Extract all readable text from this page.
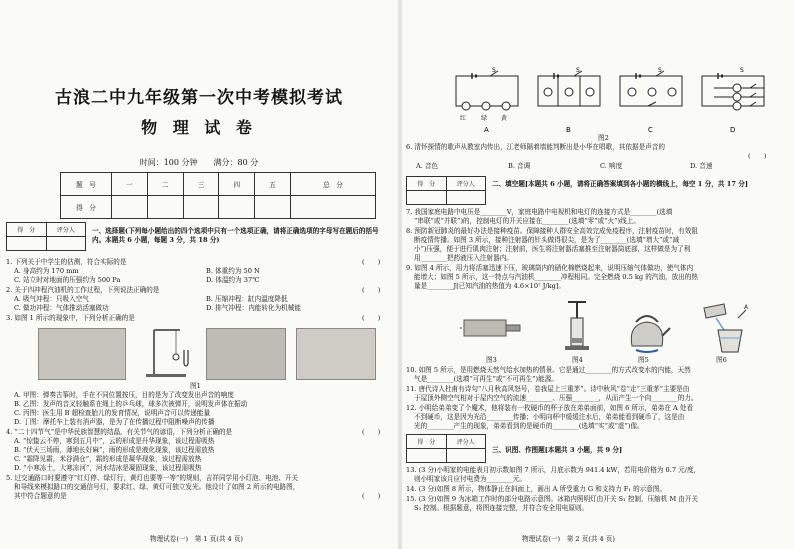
古浪二中九年级第一次中考模拟考试
物 理 试 卷
时间：100 分钟　　满分：80 分
题　号	一	二	三	四	五	总　分
得　分						
得　分	评分人
		一、选择题(下列每小题给出的四个选项中只有一个选项正确，请将正确选项的字母写在题后的括号内。本题共 6 小题，每题 3 分，共 18 分)
1. 下列关于中学生的估测，符合实际的是	(　　)
A. 身高约为 170 mm	B. 体重约为 50 N
C. 站立时对地面的压强约为 500 Pa	D. 体温约为 37℃
2. 关于四冲程汽油机的工作过程，下列说法正确的是	(　　)
A. 吸气冲程：只吸入空气	B. 压缩冲程：缸内温度降低
C. 做功冲程：气体推动活塞做功	D. 排气冲程：内能转化为机械能
3. 如图 1 所示的现象中，下列分析正确的是	(　　)
图1
A. 甲图：弹奏古筝时，手在不同位置按压，目的是为了改变发出声音的响度
B. 乙图：发声的音叉轻触系在绳上的乒乓球，球多次被弹开，说明发声体在振动
C. 丙图：医生用 B 超检查胎儿的发育情况，说明声音可以传递能量
D. 丁图：摩托车上装有消声器，是为了在传播过程中阻断噪声的传播
4. “二十四节气”是中华民族智慧的结晶，有关节气的谚语，下列分析正确的是	(　　)
A. “惊蛰云不停，寒到五月中”，云的形成是升华现象，该过程需吸热
B. “伏天三场雨，薄地长好麻”，雨的形成是液化现象，该过程需放热
C. “霜降见霜，米谷满仓”，霜的形成是凝华现象，该过程需放热
D. “小寒冻土，大寒冻河”，河水结冰是凝固现象，该过程需吸热
5. 过交通路口时要遵守“红灯停、绿灯行，黄灯也要等一等”的规则，吉祥同学用小灯泡、电池、开关
和导线来模拟路口的交通信号灯，要求红、绿、黄灯可独立发光。他设计了如图 2 所示的电路图，
其中符合题意的是	(　　)
物理试卷(一)　第 1 页(共 4 页)
红 绿 黄
S	S	S	S
A	B	C	D
图2
6. 清怀探情的歌声从教室内传出，江老师隔着墙能判断出是小华在唱歌，其依据是声音的
(　　)
A. 音色	B. 音调	C. 响度	D. 音速
得　分	评分人
		二、填空题[本题共 6 小题，请将正确答案填到各小题的横线上，每空 1 分，共 17 分]
7. 我国家庭电路中电压是________V，家庭电路中电视机和电灯的连接方式是________(选填
“串联”或“并联”)的，控制电灯的开关应接在________(选填“零”或“火”)线上。
8. 预防新冠肺炎的最好办法是接种疫苗。保障接种人群安全高效完成免疫程序，注射疫苗时，有效阻
断疫情传播。如图 3 所示，接种注射器的针头做得很尖，是为了________(选填“增大”或“减
小”)压强，便于进行肌肉注射；注射前，医生将注射器活塞推至注射器筒底部，这样做是为了利
用________把药液压入注射器内。
9. 如图 4 所示，用力将活塞迅速下压，玻璃筒内的硝化棉燃烧起来，说明压缩气体做功，使气体内
能增大；如图 5 所示，这一特点与汽油机________冲程相同。完全燃烧 0.5 kg 的汽油，放出的热
量是________J[已知汽油的热值为 4.6×10⁷ J/kg]。
A
图3	图4	图5	图6
10. 如图 5 所示，是用燃烧天然气给水加热的情景。它是通过________的方式改变水的内能，天然
气是________(选填“可再生”或“不可再生”)能源。
11. 唐代诗人杜甫有诗句“八月秋高风怒号，卷我屋上三重茅”。诗中秋风“卷”走“三重茅”主要是由
于屋顶外侧空气相对于屋内空气的流速________、压强________，从而产生一个向________的力。
12. 小明给弟弟变了个魔术，他将装有一枚硬币的杯子放在弟弟面前，如图 6 所示，弟弟在 A 处看
不到硬币，这是因为光沿________传播；小明向杯中缓缓注水后，弟弟能看到硬币了，这是由
光的________产生的现象，弟弟看到的是硬币的________(选填“实”或“虚”)像。
得　分	评分人

三、识图、作图题[本题共 3 小题，共 9 分]
13. (3 分)小明家的电能表月初示数如图 7 所示，月底示数为 941.4 kW，若用电价格为 0.7 元/度，
则小明家该月应付电费为________元。
14. (3 分)如图 8 所示，物体静止在斜面上，画出 A 所受重力 G 和支持力 F₁ 的示意图。
15. (3 分)如图 9 为冰箱工作时的部分电路示意图。冰箱内照明灯由开关 S₁ 控制，压缩机 M 由开关
S₂ 控制。根据题意，将图连接完整，并符合安全用电原则。
物理试卷(一)　第 2 页(共 4 页)
